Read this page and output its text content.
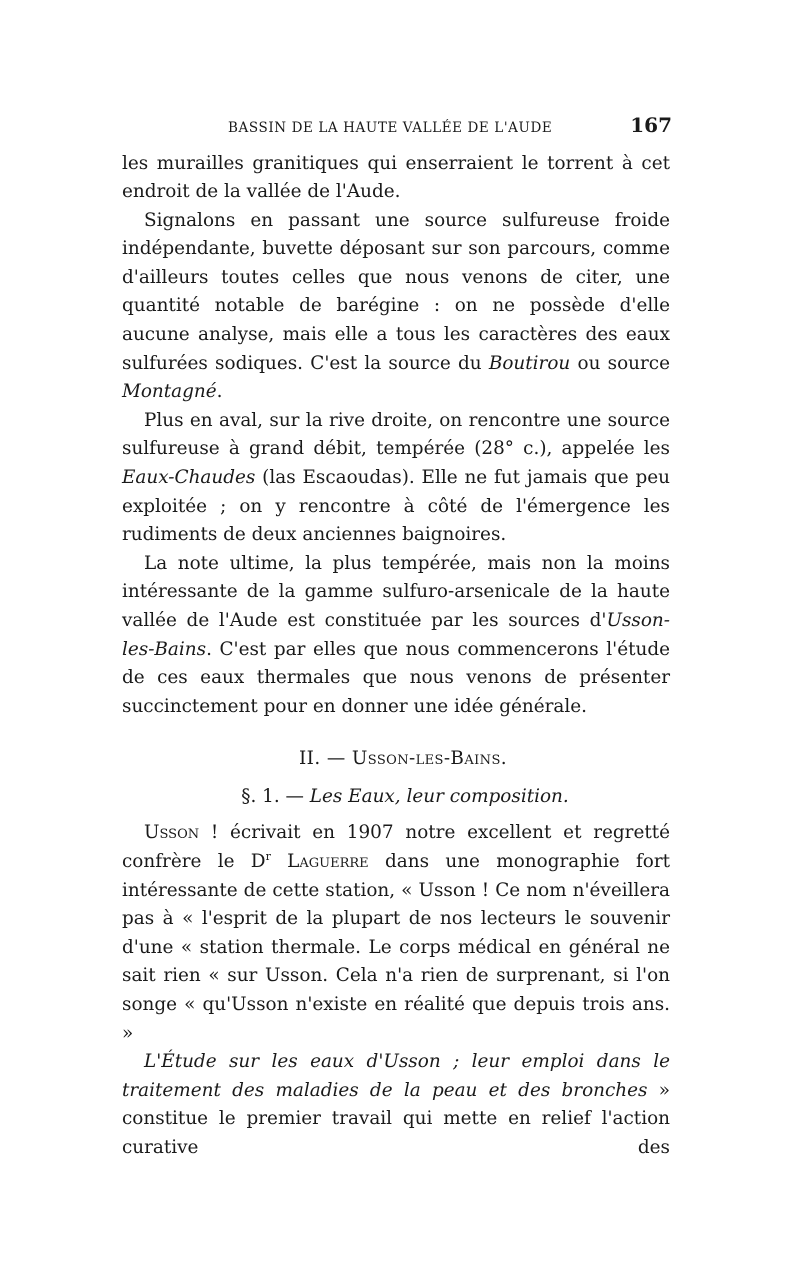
BASSIN DE LA HAUTE VALLÉE DE L'AUDE	167

les murailles granitiques qui enserraient le torrent à cet endroit de la vallée de l'Aude.

Signalons en passant une source sulfureuse froide indépendante, buvette déposant sur son parcours, comme d'ailleurs toutes celles que nous venons de citer, une quantité notable de barégine : on ne possède d'elle aucune analyse, mais elle a tous les caractères des eaux sulfurées sodiques. C'est la source du Boutirou ou source Montagné.

Plus en aval, sur la rive droite, on rencontre une source sulfureuse à grand débit, tempérée (28° c.), appelée les Eaux-Chaudes (las Escaoudas). Elle ne fut jamais que peu exploitée ; on y rencontre à côté de l'émergence les rudiments de deux anciennes baignoires.

La note ultime, la plus tempérée, mais non la moins intéressante de la gamme sulfuro-arsenicale de la haute vallée de l'Aude est constituée par les sources d'Usson-les-Bains. C'est par elles que nous commencerons l'étude de ces eaux thermales que nous venons de présenter succinctement pour en donner une idée générale.

II. — Usson-les-Bains.
§. 1. — Les Eaux, leur composition.

Usson ! écrivait en 1907 notre excellent et regretté confrère le $D^r$ Laguerre dans une monographie fort intéressante de cette station, « Usson ! Ce nom n'éveillera pas à « l'esprit de la plupart de nos lecteurs le souvenir d'une « station thermale. Le corps médical en général ne sait rien « sur Usson. Cela n'a rien de surprenant, si l'on songe « qu'Usson n'existe en réalité que depuis trois ans. »

L'Étude sur les eaux d'Usson ; leur emploi dans le traitement des maladies de la peau et des bronches » constitue le premier travail qui mette en relief l'action curative des
